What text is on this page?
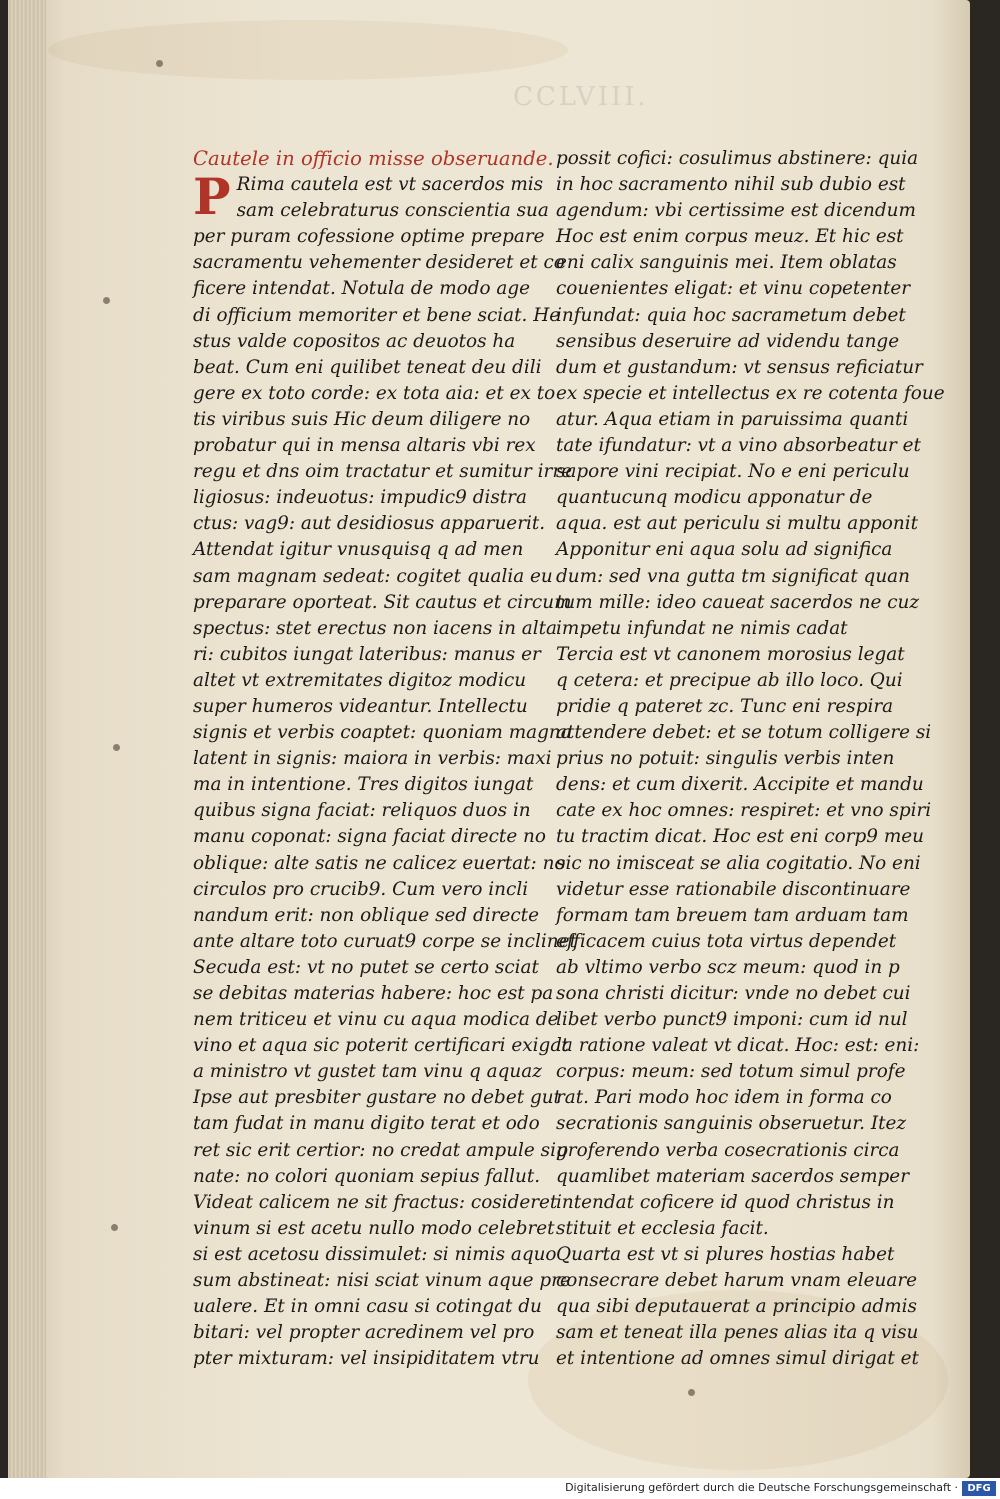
CCLVIII.
Cautele in officio misse obseruande.
P Rima cautela est vt sacerdos mis
sam celebraturus conscientia sua
per puram cofessione optime prepare
sacramentu vehementer desideret et co
ficere intendat. Notula de modo age
di officium memoriter et bene sciat. He
stus valde copositos ac deuotos ha
beat. Cum eni quilibet teneat deu dili
gere ex toto corde: ex tota aia: et ex to
tis viribus suis Hic deum diligere no
probatur qui in mensa altaris vbi rex
regu et dns oim tractatur et sumitur irre
ligiosus: indeuotus: impudic9 distra
ctus: vag9: aut desidiosus apparuerit.
Attendat igitur vnusquisq q ad men
sam magnam sedeat: cogitet qualia eu
preparare oporteat. Sit cautus et circum
spectus: stet erectus non iacens in alta
ri: cubitos iungat lateribus: manus er
altet vt extremitates digitoz modicu
super humeros videantur. Intellectu
signis et verbis coaptet: quoniam magna
latent in signis: maiora in verbis: maxi
ma in intentione. Tres digitos iungat
quibus signa faciat: reliquos duos in
manu coponat: signa faciat directe no
oblique: alte satis ne calicez euertat: no
circulos pro crucib9. Cum vero incli
nandum erit: non oblique sed directe
ante altare toto curuat9 corpe se inclinet
Secuda est: vt no putet se certo sciat
se debitas materias habere: hoc est pa
nem triticeu et vinu cu aqua modica de
vino et aqua sic poterit certificari exigat
a ministro vt gustet tam vinu q aquaz
Ipse aut presbiter gustare no debet gut
tam fudat in manu digito terat et odo
ret sic erit certior: no credat ampule sig
nate: no colori quoniam sepius fallut.
Videat calicem ne sit fractus: cosideret
vinum si est acetu nullo modo celebret
si est acetosu dissimulet: si nimis aquo
sum abstineat: nisi sciat vinum aque pre
ualere. Et in omni casu si cotingat du
bitari: vel propter acredinem vel pro
pter mixturam: vel insipiditatem vtru
possit cofici: cosulimus abstinere: quia
in hoc sacramento nihil sub dubio est
agendum: vbi certissime est dicendum
Hoc est enim corpus meuz. Et hic est
eni calix sanguinis mei. Item oblatas
couenientes eligat: et vinu copetenter
infundat: quia hoc sacrametum debet
sensibus deseruire ad videndu tange
dum et gustandum: vt sensus reficiatur
ex specie et intellectus ex re cotenta foue
atur. Aqua etiam in paruissima quanti
tate ifundatur: vt a vino absorbeatur et
sapore vini recipiat. No e eni periculu
quantucunq modicu apponatur de
aqua. est aut periculu si multu apponit
Apponitur eni aqua solu ad significa
dum: sed vna gutta tm significat quan
tum mille: ideo caueat sacerdos ne cuz
impetu infundat ne nimis cadat
Tercia est vt canonem morosius legat
q cetera: et precipue ab illo loco. Qui
pridie q pateret zc. Tunc eni respira
attendere debet: et se totum colligere si
prius no potuit: singulis verbis inten
dens: et cum dixerit. Accipite et mandu
cate ex hoc omnes: respiret: et vno spiri
tu tractim dicat. Hoc est eni corp9 meu
sic no imisceat se alia cogitatio. No eni
videtur esse rationabile discontinuare
formam tam breuem tam arduam tam
efficacem cuius tota virtus dependet
ab vltimo verbo scz meum: quod in p
sona christi dicitur: vnde no debet cui
libet verbo punct9 imponi: cum id nul
la ratione valeat vt dicat. Hoc: est: eni:
corpus: meum: sed totum simul profe
rat. Pari modo hoc idem in forma co
secrationis sanguinis obseruetur. Itez
proferendo verba cosecrationis circa
quamlibet materiam sacerdos semper
intendat coficere id quod christus in
stituit et ecclesia facit.
Quarta est vt si plures hostias habet
consecrare debet harum vnam eleuare
qua sibi deputauerat a principio admis
sam et teneat illa penes alias ita q visu
et intentione ad omnes simul dirigat et
Digitalisierung gefördert durch die Deutsche Forschungsgemeinschaft · DFG
